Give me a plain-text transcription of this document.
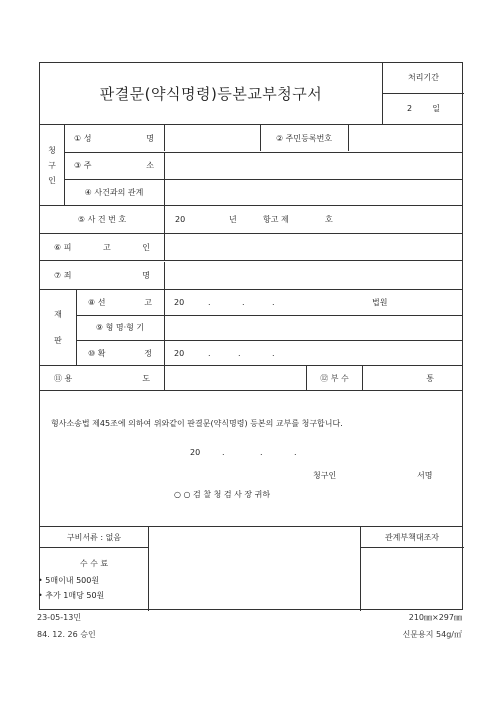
판결문(약식명령)등본교부청구서
처리기간
2	일
청
구
인
① 성	명	② 주민등록번호
③ 주	소
④ 사건과의 관계
⑤ 사 건 번 호	20	년	항고 제	호
⑥ 피	고	인
⑦ 죄	명
재
판
⑧ 선	고	20	.	.	.	법원
⑨ 형 명·형 기
⑩ 확	정	20	.	.	.
⑪ 용	도	⑫ 부 수	통
형사소송법 제45조에 의하여 위와같이 판결문(약식명령) 등본의 교부를 청구합니다.
20	.	.	.
청구인	서명
○ ○ 검 찰 청 검 사 장 귀하
구비서류 : 없음
수 수 료
• 5매이내 500원
• 추가 1매당 50원
관계부책대조자
23-05-13민
84. 12. 26 승인
210㎜×297㎜
신문용지 54g/㎡
